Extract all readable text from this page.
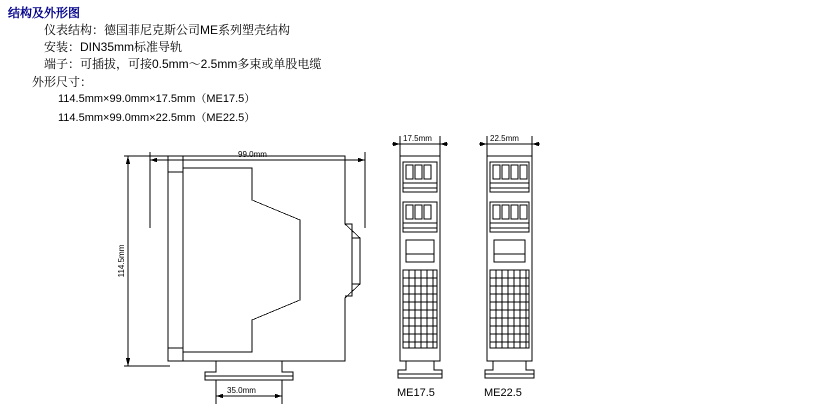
结构及外形图
仪表结构：德国菲尼克斯公司ME系列塑壳结构
安装：DIN35mm标准导轨
端子：可插拔，可接0.5mm～2.5mm多束或单股电缆
外形尺寸：
114.5mm×99.0mm×17.5mm（ME17.5）
114.5mm×99.0mm×22.5mm（ME22.5）
99.0mm
114.5mm
35.0mm
17.5mm	22.5mm
ME17.5	ME22.5
